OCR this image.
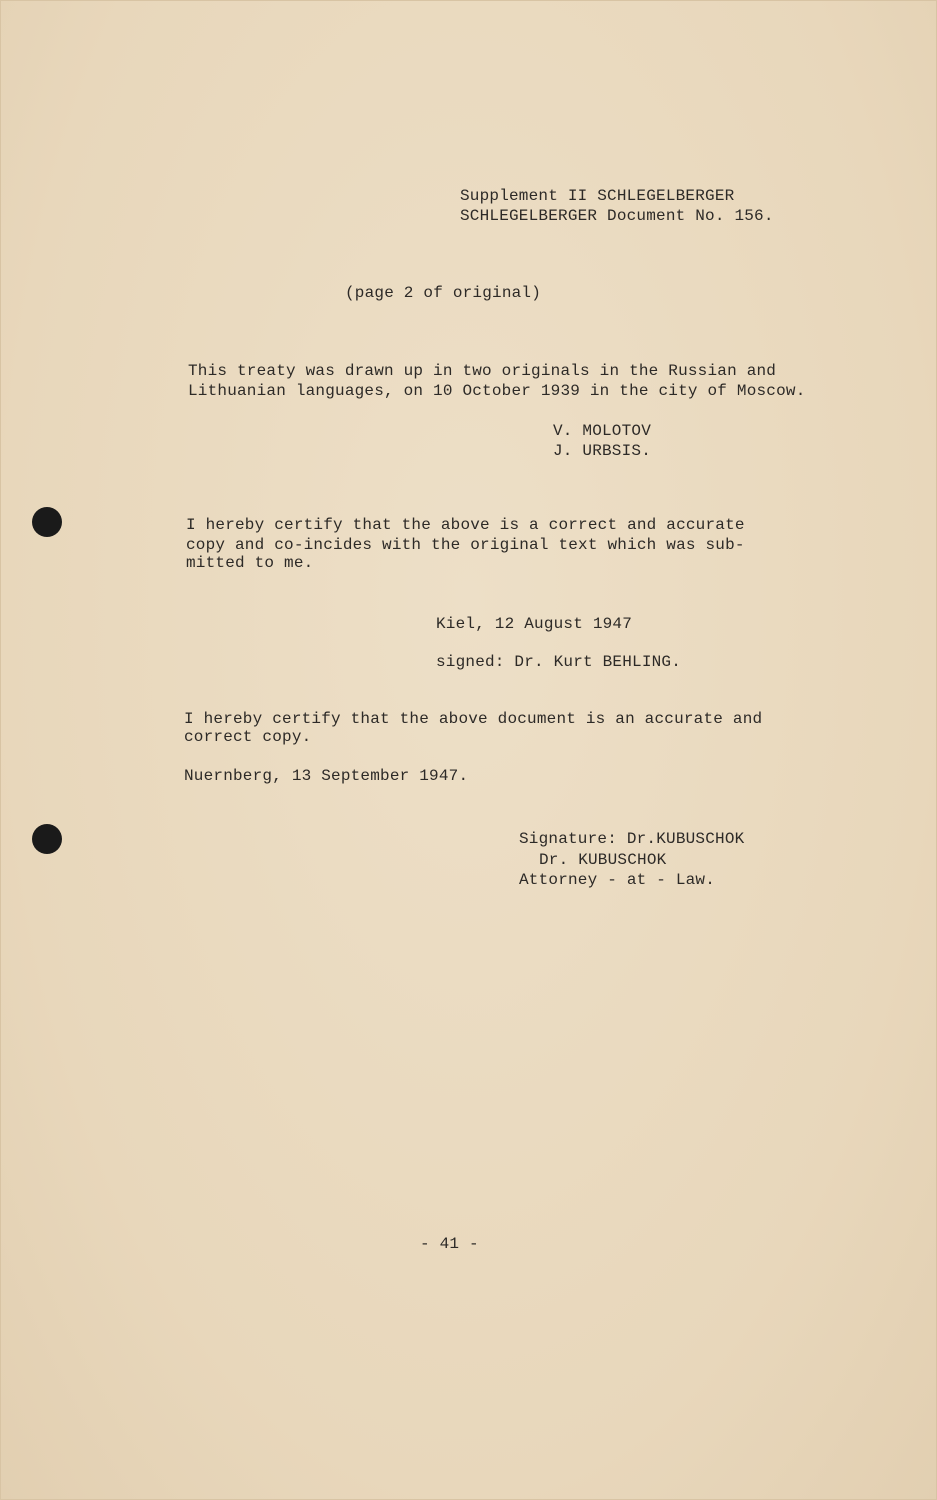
Supplement II SCHLEGELBERGER
SCHLEGELBERGER Document No. 156.
(page 2 of original)
This treaty was drawn up in two originals in the Russian and
Lithuanian languages, on 10 October 1939 in the city of Moscow.
V. MOLOTOV
J. URBSIS.
I hereby certify that the above is a correct and accurate
copy and co-incides with the original text which was sub-
mitted to me.
Kiel, 12 August 1947
signed: Dr. Kurt BEHLING.
I hereby certify that the above document is an accurate and
correct copy.
Nuernberg, 13 September 1947.
Signature: Dr.KUBUSCHOK
Dr. KUBUSCHOK
Attorney - at - Law.
- 41 -
